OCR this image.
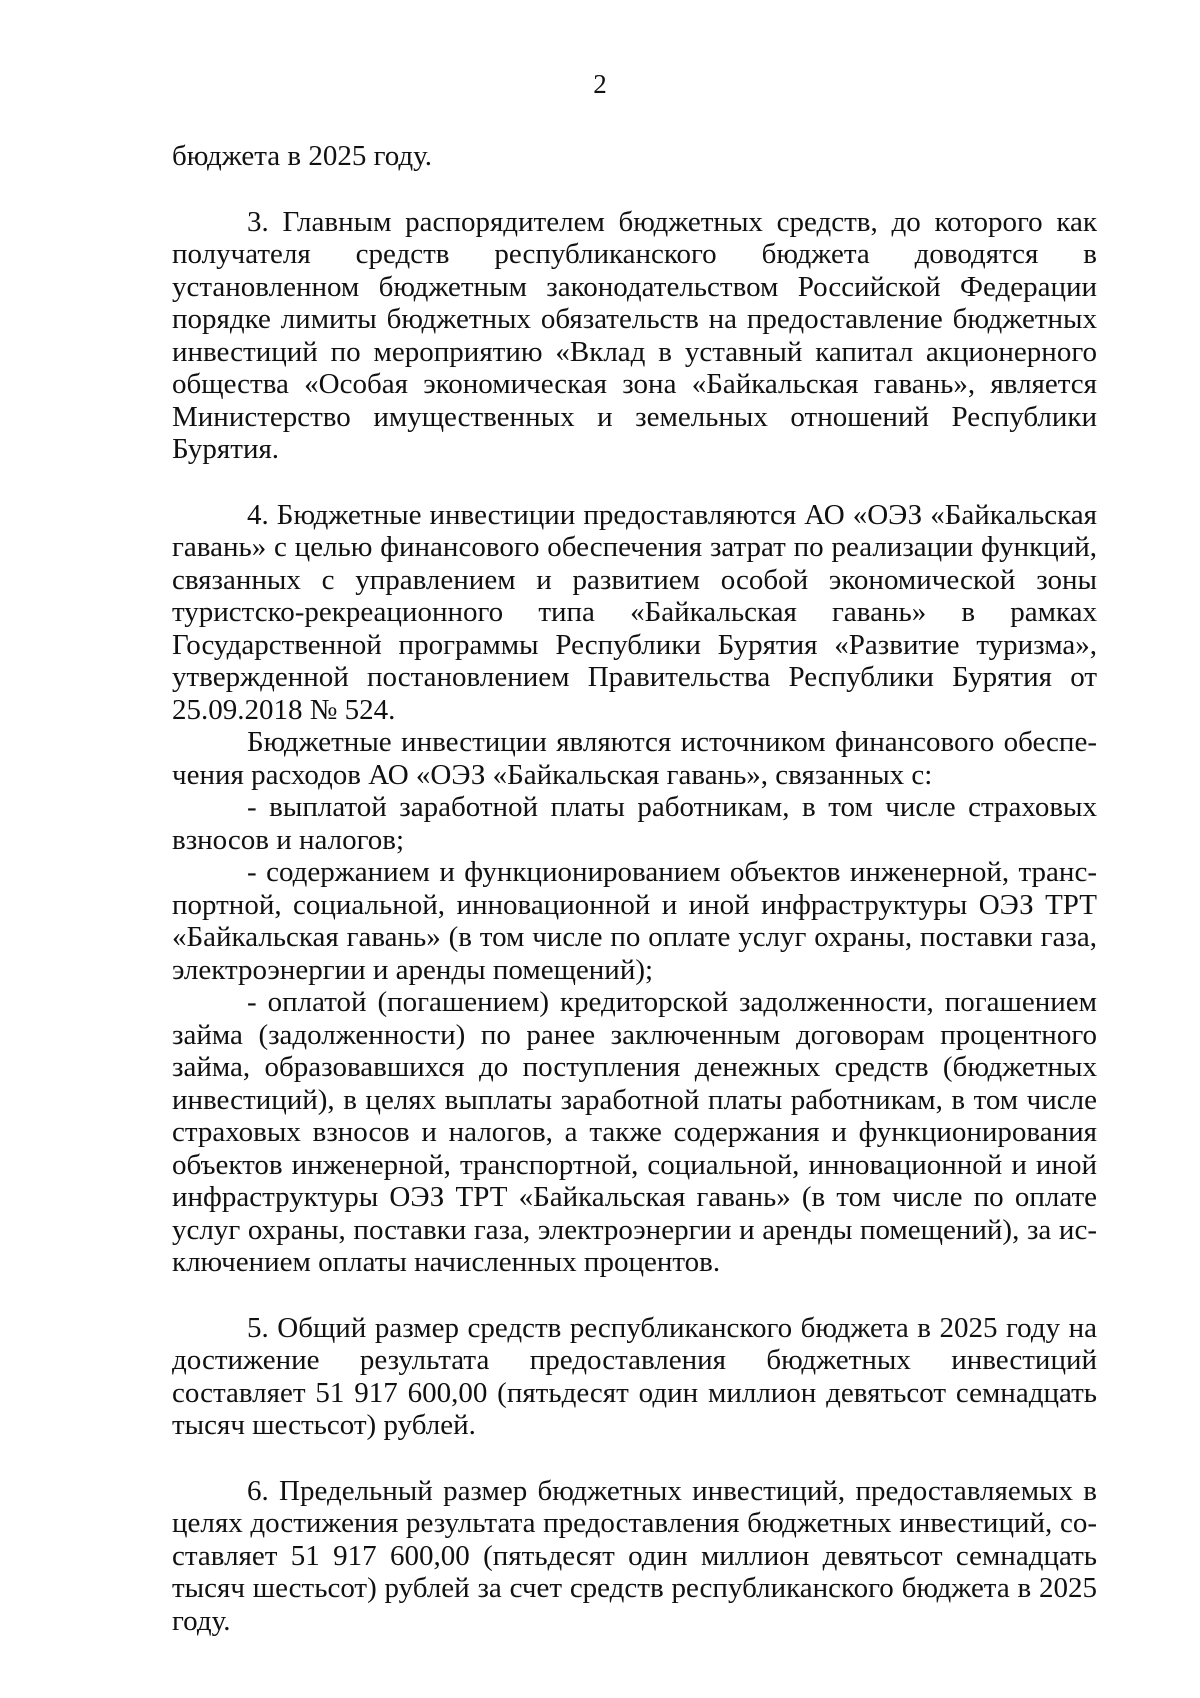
2

бюджета в 2025 году.

3. Главным распорядителем бюджетных средств, до которого как получателя средств республиканского бюджета доводятся в установленном бюджетным законодательством Российской Федерации порядке лимиты бюджетных обязательств на предоставление бюджетных инвестиций по мероприятию «Вклад в уставный капитал акционерного общества «Особая экономическая зона «Байкальская гавань», является Министерство имущественных и земельных отношений Республики Бурятия.

4. Бюджетные инвестиции предоставляются АО «ОЭЗ «Байкальская гавань» с целью финансового обеспечения затрат по реализации функций, связанных с управлением и развитием особой экономической зоны туристско-рекреационного типа «Байкальская гавань» в рамках Государственной программы Республики Бурятия «Развитие туризма», утвержденной постановлением Правительства Республики Бурятия от 25.09.2018 № 524.

Бюджетные инвестиции являются источником финансового обеспечения расходов АО «ОЭЗ «Байкальская гавань», связанных с:

- выплатой заработной платы работникам, в том числе страховых взносов и налогов;

- содержанием и функционированием объектов инженерной, транспортной, социальной, инновационной и иной инфраструктуры ОЭЗ ТРТ «Байкальская гавань» (в том числе по оплате услуг охраны, поставки газа, электроэнергии и аренды помещений);

- оплатой (погашением) кредиторской задолженности, погашением займа (задолженности) по ранее заключенным договорам процентного займа, образовавшихся до поступления денежных средств (бюджетных инвестиций), в целях выплаты заработной платы работникам, в том числе страховых взносов и налогов, а также содержания и функционирования объектов инженерной, транспортной, социальной, инновационной и иной инфраструктуры ОЭЗ ТРТ «Байкальская гавань» (в том числе по оплате услуг охраны, поставки газа, электроэнергии и аренды помещений), за исключением оплаты начисленных процентов.

5. Общий размер средств республиканского бюджета в 2025 году на достижение результата предоставления бюджетных инвестиций составляет 51 917 600,00 (пятьдесят один миллион девятьсот семнадцать тысяч шестьсот) рублей.

6. Предельный размер бюджетных инвестиций, предоставляемых в целях достижения результата предоставления бюджетных инвестиций, составляет 51 917 600,00 (пятьдесят один миллион девятьсот семнадцать тысяч шестьсот) рублей за счет средств республиканского бюджета в 2025 году.
